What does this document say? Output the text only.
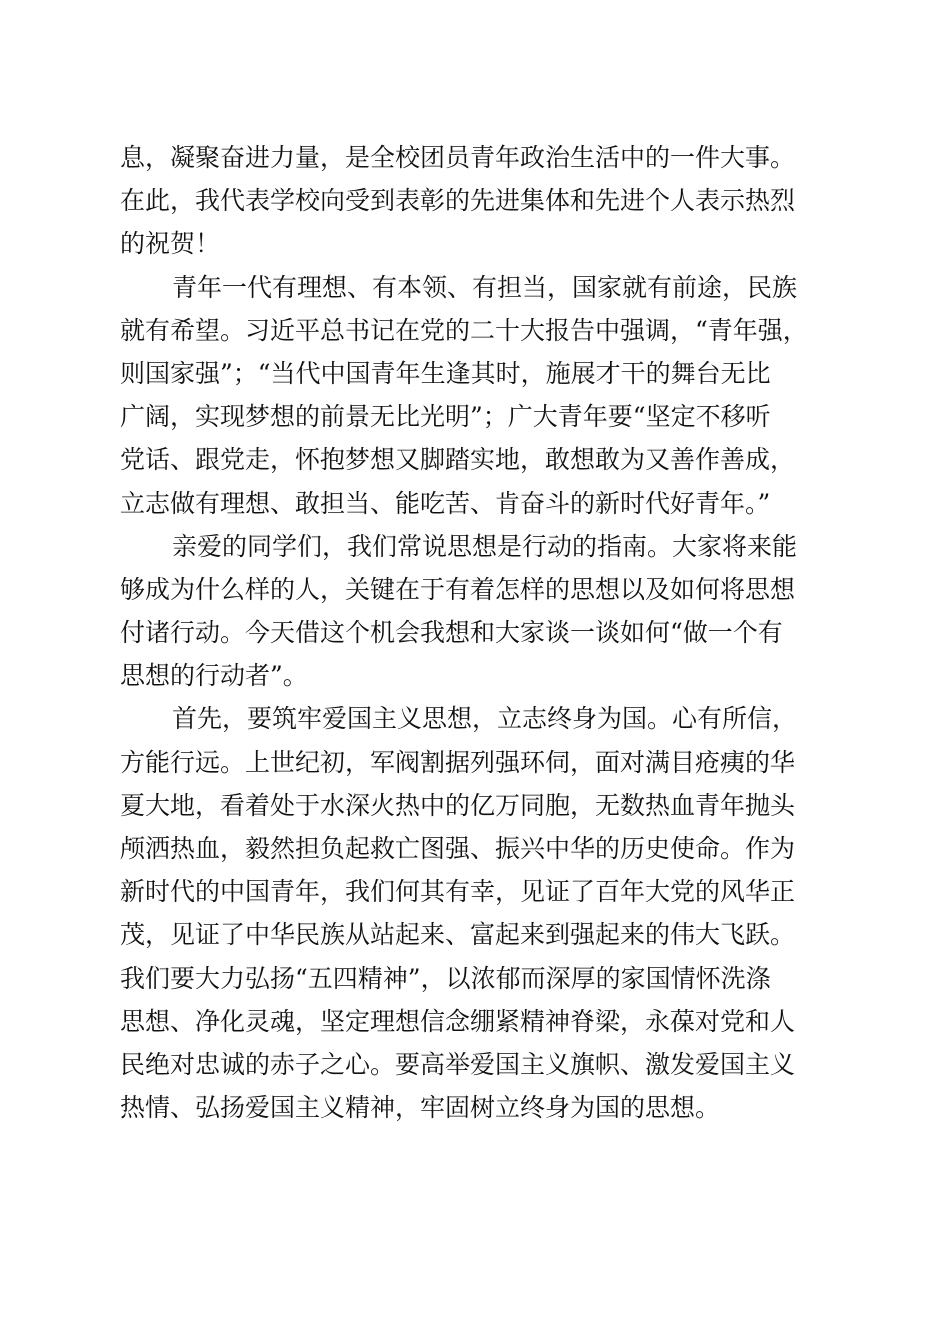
息，凝聚奋进力量，是全校团员青年政治生活中的一件大事。
在此，我代表学校向受到表彰的先进集体和先进个人表示热烈
的祝贺！
青年一代有理想、有本领、有担当，国家就有前途，民族
就有希望。习近平总书记在党的二十大报告中强调，“青年强，
则国家强”；“当代中国青年生逢其时，施展才干的舞台无比
广阔，实现梦想的前景无比光明”；广大青年要“坚定不移听
党话、跟党走，怀抱梦想又脚踏实地，敢想敢为又善作善成，
立志做有理想、敢担当、能吃苦、肯奋斗的新时代好青年。”
亲爱的同学们，我们常说思想是行动的指南。大家将来能
够成为什么样的人，关键在于有着怎样的思想以及如何将思想
付诸行动。今天借这个机会我想和大家谈一谈如何“做一个有
思想的行动者”。
首先，要筑牢爱国主义思想，立志终身为国。心有所信，
方能行远。上世纪初，军阀割据列强环伺，面对满目疮痍的华
夏大地，看着处于水深火热中的亿万同胞，无数热血青年抛头
颅洒热血，毅然担负起救亡图强、振兴中华的历史使命。作为
新时代的中国青年，我们何其有幸，见证了百年大党的风华正
茂，见证了中华民族从站起来、富起来到强起来的伟大飞跃。
我们要大力弘扬“五四精神”，以浓郁而深厚的家国情怀洗涤
思想、净化灵魂，坚定理想信念绷紧精神脊梁，永葆对党和人
民绝对忠诚的赤子之心。要高举爱国主义旗帜、激发爱国主义
热情、弘扬爱国主义精神，牢固树立终身为国的思想。
